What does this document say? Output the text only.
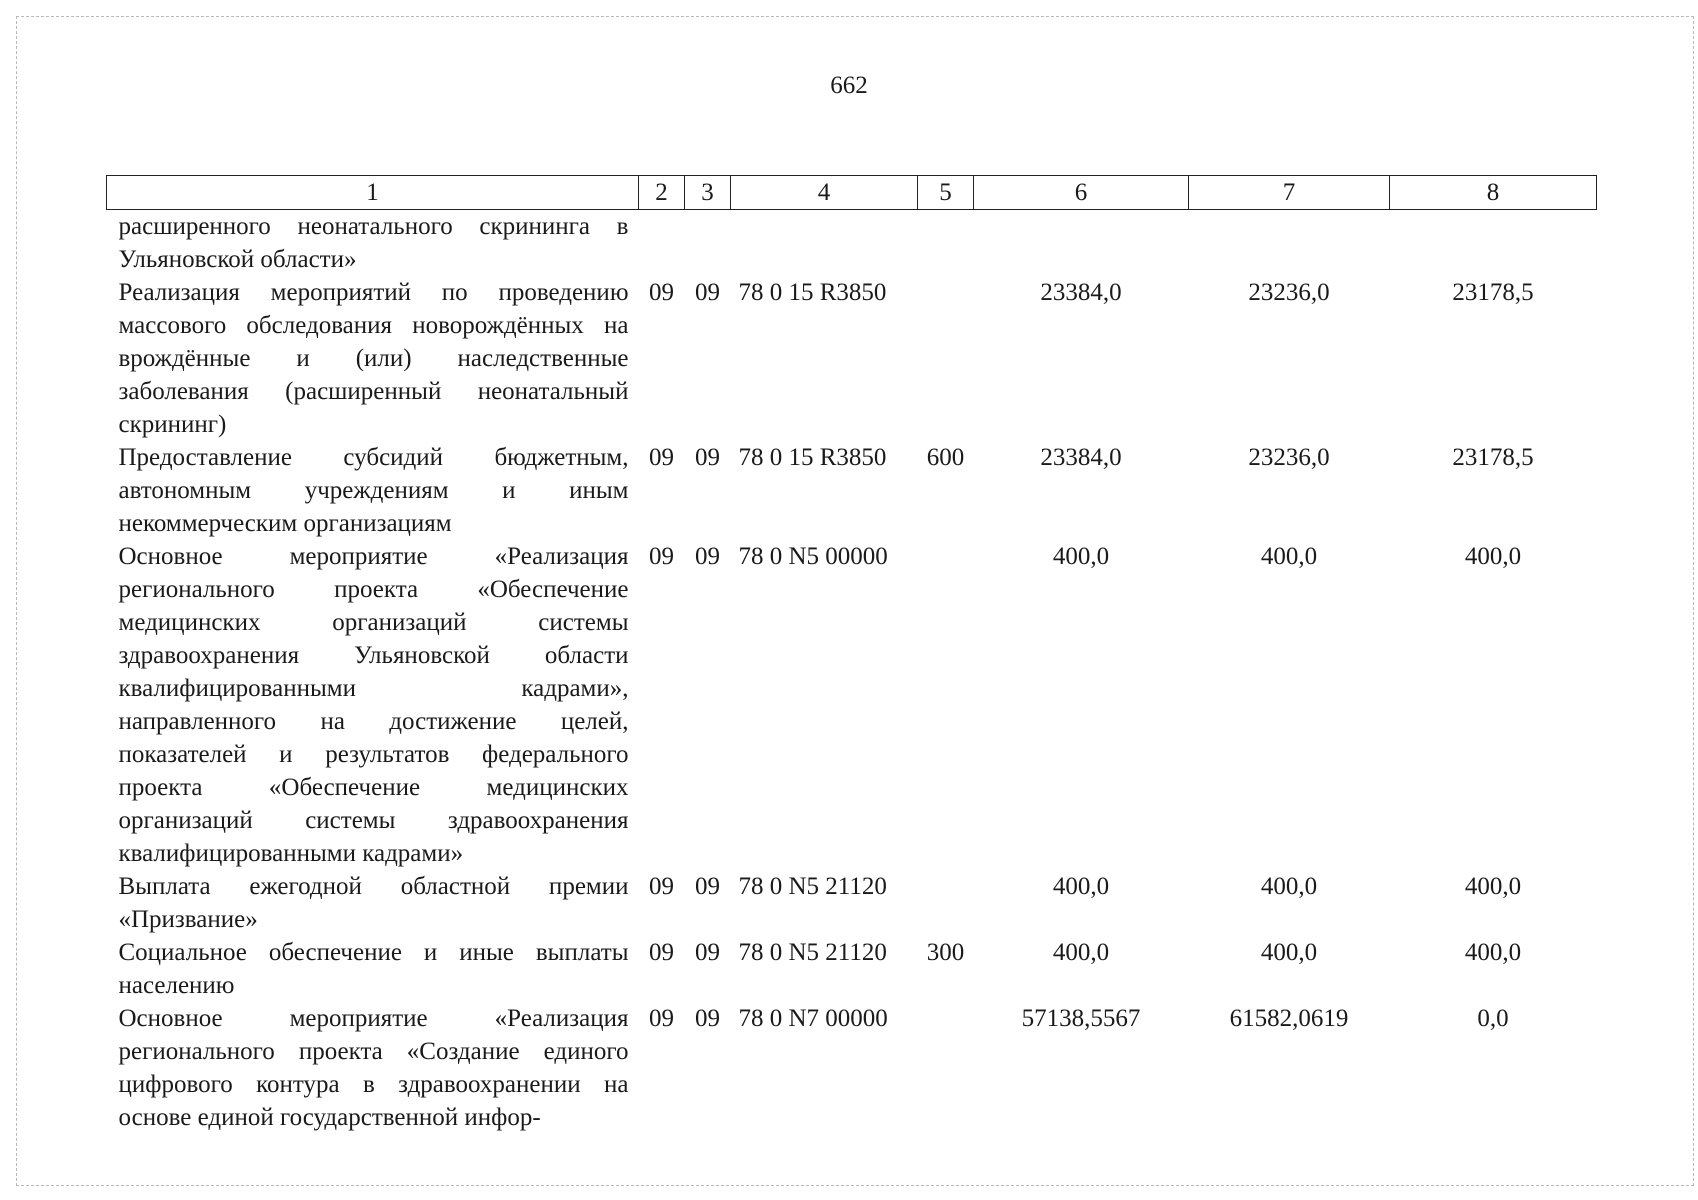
662
1	2	3	4	5	6	7	8
расширенного неонатального скрининга в Ульяновской области»							
Реализация мероприятий по проведению массового обследования новорождённых на врождённые и (или) наследственные заболевания (расширенный неонатальный скрининг)	09	09	78 0 15 R3850		23384,0	23236,0	23178,5
Предоставление субсидий бюджетным, автономным учреждениям и иным некоммерческим организациям	09	09	78 0 15 R3850	600	23384,0	23236,0	23178,5
Основное мероприятие «Реализация регионального проекта «Обеспечение медицинских организаций системы здравоохранения Ульяновской области квалифицированными кадрами», направленного на достижение целей, показателей и результатов федерального проекта «Обеспечение медицинских организаций системы здравоохранения квалифицированными кадрами»	09	09	78 0 N5 00000		400,0	400,0	400,0
Выплата ежегодной областной премии «Призвание»	09	09	78 0 N5 21120		400,0	400,0	400,0
Социальное обеспечение и иные выплаты населению	09	09	78 0 N5 21120	300	400,0	400,0	400,0
Основное мероприятие «Реализация регионального проекта «Создание единого цифрового контура в здравоохранении на основе единой государственной инфор-	09	09	78 0 N7 00000		57138,5567	61582,0619	0,0
